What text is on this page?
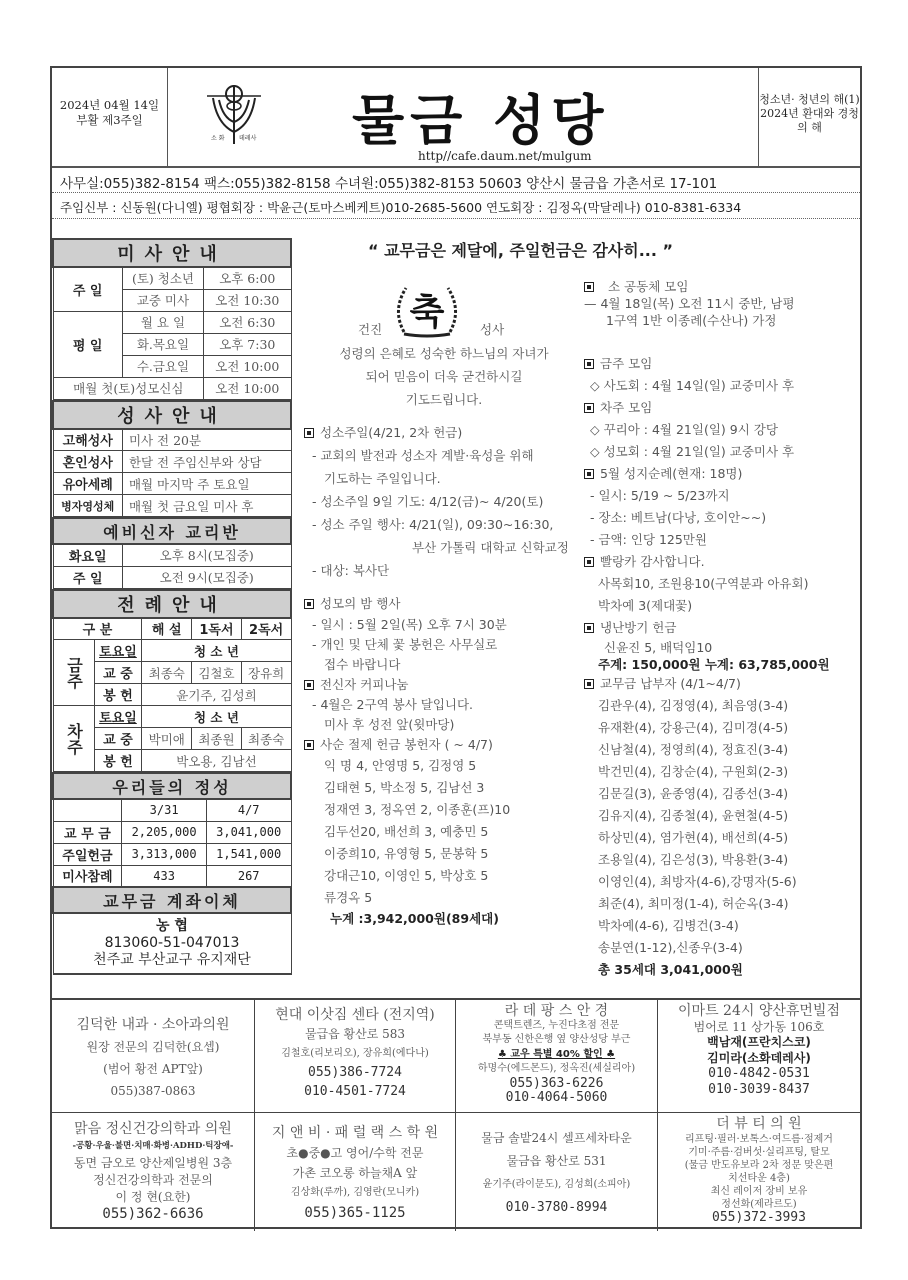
2024년 04월 14일
부활 제3주일
소 화 데레사 물금 성당
http//cafe.daum.net/mulgum
청소년· 청년의 해(1)
2024년 환대와 경청의 해
사무실:055)382-8154 팩스:055)382-8158 수녀원:055)382-8153 50603 양산시 물금읍 가촌서로 17-101
주임신부 : 신동원(다니엘) 평협회장 : 박윤근(토마스베케트)010-2685-5600 연도회장 : 김정옥(막달레나) 010-8381-6334
미사안내		
주 일	(토) 청소년	오후 6:00
	교중 미사	오전 10:30
평 일	월 요 일	오전 6:30
	화.목요일	오후 7:30
	수.금요일	오전 10:00
매월 첫(토)성모신심		오전 10:00
성사안내	
고해성사	미사 전 20분
혼인성사	한달 전 주임신부와 상담
유아세례	매월 마지막 주 토요일
병자영성체	매월 첫 금요일 미사 후
예비신자 교리반	
화요일	오후 8시(모집중)
주 일	오전 9시(모집중)
전례안내				
구 분		해 설	1독서	2독서
금주	토요일	청 소 년		
	교 중	최종숙	김철호	장유희
	봉 헌	윤기주, 김성희		
차주	토요일	청 소 년		
	교 중	박미애	최종원	최종숙
	봉 헌	박오용, 김남선		
우리들의 정성		
	3/31	4/7
교 무 금	2,205,000	3,041,000
주일헌금	3,313,000	1,541,000
미사참례	433	267
교무금 계좌이체		

농 협
813060-51-047013
천주교 부산교구 유지재단		
“ 교무금은 제달에, 주일헌금은 감사히... ”
건진 축	성사
성령의 은혜로 성숙한 하느님의 자녀가
되어 믿음이 더욱 굳건하시길
기도드립니다.
성소주일(4/21, 2차 헌금)
- 교회의 발전과 성소자 계발·육성을 위해
기도하는 주일입니다.
- 성소주일 9일 기도: 4/12(금)~ 4/20(토)
- 성소 주일 행사: 4/21(일), 09:30~16:30,
부산 가톨릭 대학교 신학교정
- 대상: 복사단
성모의 밤 행사
- 일시 : 5월 2일(목) 오후 7시 30분
- 개인 및 단체 꽃 봉헌은 사무실로
접수 바랍니다
전신자 커피나눔
- 4월은 2구역 봉사 달입니다.
미사 후 성전 앞(윗마당)
사순 절제 헌금 봉헌자 ( ~ 4/7)
익 명 4, 안영명 5, 김정영 5
김태현 5, 박소정 5, 김남선 3
정재연 3, 정옥연 2, 이종훈(프)10
김두선20, 배선희 3, 예충민 5
이중희10, 유영형 5, 문봉학 5
강대근10, 이영인 5, 박상호 5
류경옥 5
누계 :3,942,000원(89세대)
소 공동체 모임
— 4월 18일(목) 오전 11시 중반, 남평
1구역 1반 이종례(수산나) 가정
금주 모임
◇ 사도회 : 4월 14일(일) 교중미사 후
차주 모임
◇ 꾸리아 : 4월 21일(일) 9시 강당
◇ 성모회 : 4월 21일(일) 교중미사 후
5월 성지순례(현재: 18명)
- 일시: 5/19 ~ 5/23까지
- 장소: 베트남(다낭, 호이안~~)
- 금액: 인당 125만원
빨랑카 감사합니다.
사목회10, 조원용10(구역분과 아유회)
박차예 3(제대꽃)
냉난방기 헌금
신윤진 5, 배덕임10
주계: 150,000원 누계: 63,785,000원
교무금 납부자 (4/1~4/7)
김관우(4), 김정영(4), 최음영(3-4)
유재환(4), 강용근(4), 김미경(4-5)
신남철(4), 정영희(4), 정효진(3-4)
박건민(4), 김창순(4), 구원회(2-3)
김문길(3), 윤종영(4), 김종선(3-4)
김유지(4), 김종철(4), 윤현철(4-5)
하상민(4), 염가현(4), 배선희(4-5)
조용일(4), 김은성(3), 박용환(3-4)
이영인(4), 최방자(4-6),강명자(5-6)
최준(4), 최미정(1-4), 허순옥(3-4)
박차예(4-6), 김병건(3-4)
송분연(1-12),신종우(3-4)
총 35세대 3,041,000원
김덕한 내과 · 소아과의원
원장 전문의 김덕한(요셉)
(범어 황전 APT앞)
055)387-0863
현대 이삿짐 센타 (전지역)
물급읍 황산로 583
김철호(리보리오), 장유희(에다나)
055)386-7724
010-4501-7724
라 데 팡 스 안 경
콘택트렌즈, 누진다초점 전문
북부동 신한은행 옆 양산성당 부근
♣ 교우 특별 40% 할인 ♣
하명수(에드몬드), 정옥진(세실리아)
055)363-6226
010-4064-5060
이마트 24시 양산휴먼빌점
범어로 11 상가동 106호
백남재(프란치스코)
김미라(소화데레사)
010-4842-0531
010-3039-8437
맑음 정신건강의학과 의원
-공황·우울·불면·치매·화병·ADHD·틱장애-
동면 금오로 양산제일병원 3층
정신건강의학과 전문의
이 정 현(요한)
055)362-6636
지 앤 비 · 패 럴 랙 스 학 원
초●중●고 영어/수학 전문
가촌 코오롱 하늘채A 앞
김상화(루까), 김영란(모니카)
055)365-1125
물금 솔밭24시 셀프세차타운
물금읍 황산로 531
윤기주(라이문도), 김성희(소피아)
010-3780-8994
더 뷰 티 의 원
리프팅·필러·보톡스·여드름·점제거
기미·주름·검버섯·실리프팅, 탈모
(물금 반도유보라 2차 정문 맞은편
치선타운 4층)
최신 레이저 장비 보유
정선화(제라르도)
055)372-3993
